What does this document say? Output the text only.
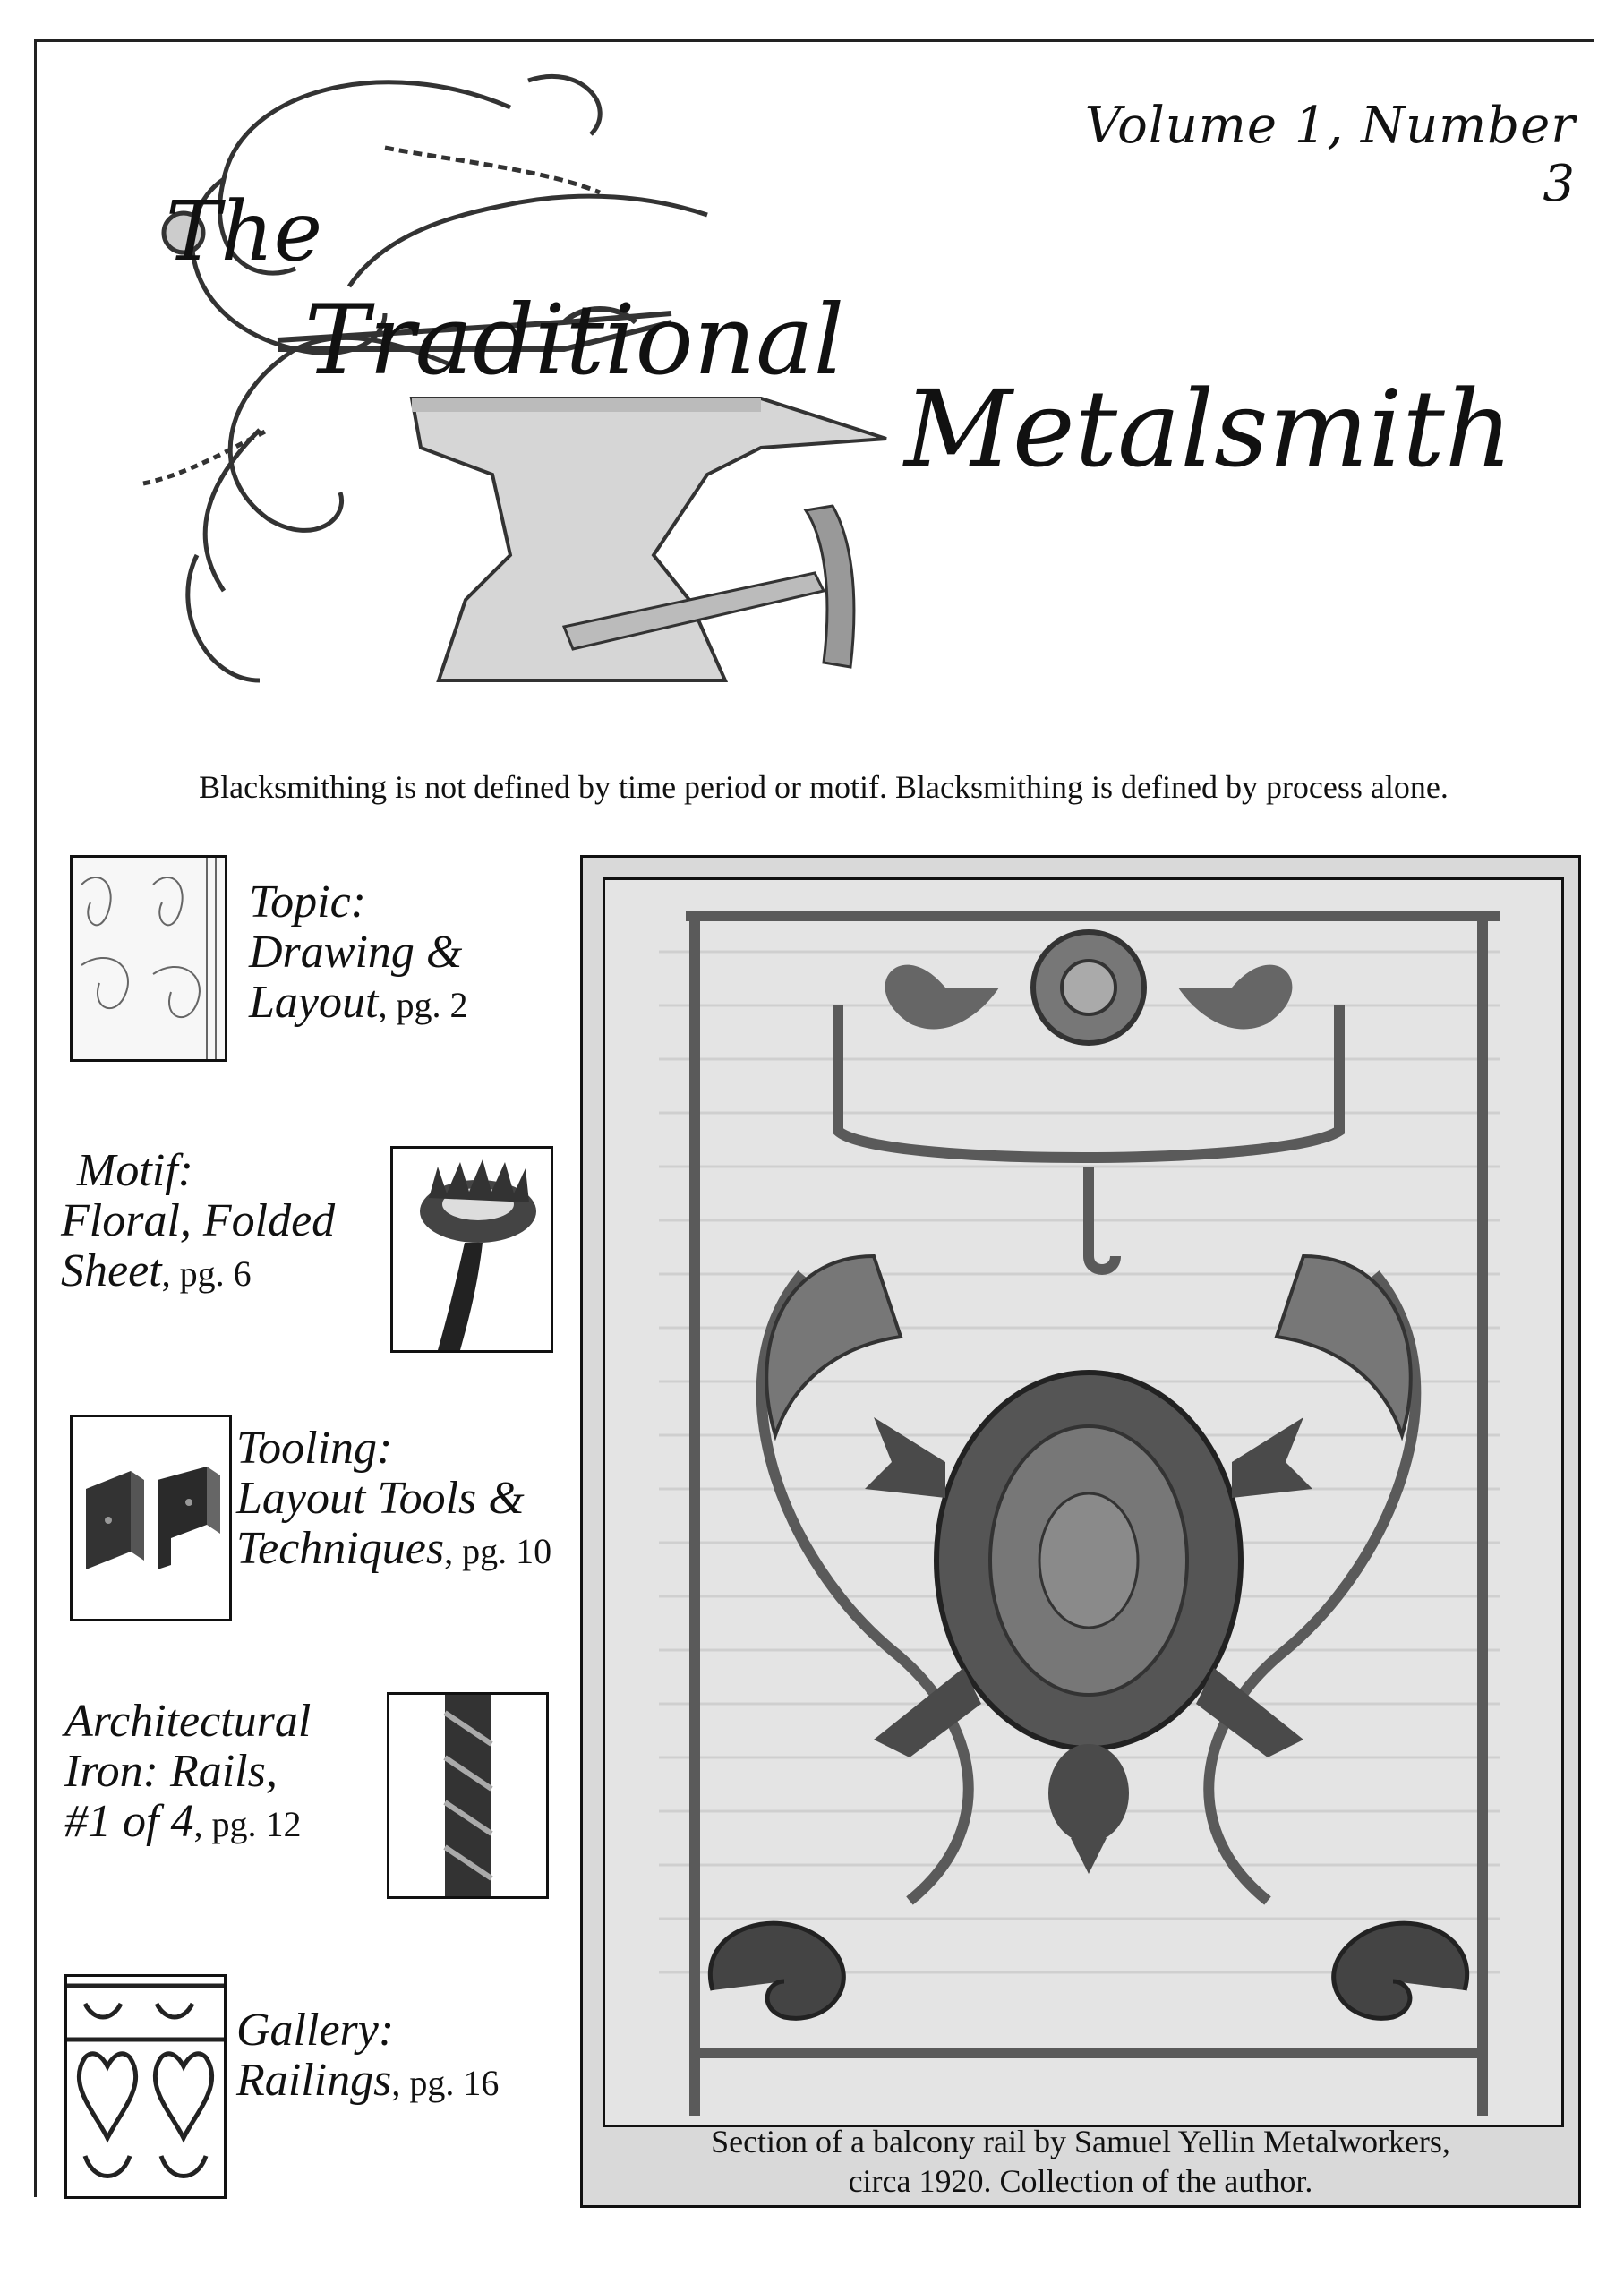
Volume 1, Number 3
The
Traditional
Metalsmith
Blacksmithing is not defined by time period or motif. Blacksmithing is defined by process alone.
Topic:
Drawing &
Layout, pg. 2
Motif:
Floral, Folded
Sheet, pg. 6
Tooling:
Layout Tools &
Techniques, pg. 10
Architectural
Iron: Rails,
#1 of 4, pg. 12
Gallery:
Railings, pg. 16
Section of a balcony rail by Samuel Yellin Metalworkers,
circa 1920. Collection of the author.
